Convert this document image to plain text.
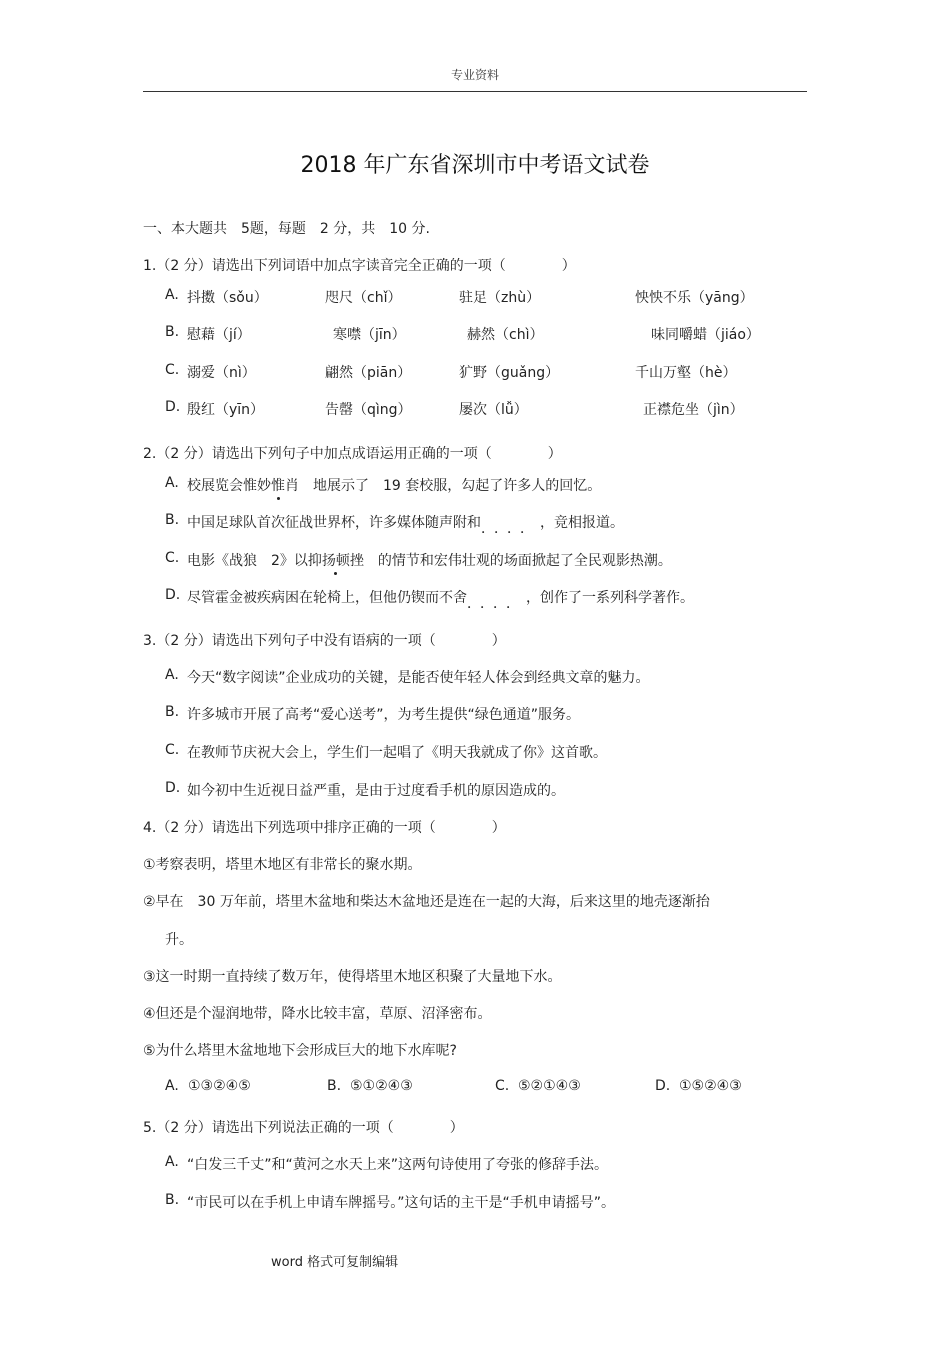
专业资料
2018 年广东省深圳市中考语文试卷
一、本大题共　5题，每题　2 分，共　10 分.
1.（2 分）请选出下列词语中加点字读音完全正确的一项（　　　　）
A. 抖擞（sǒu）	咫尺（chǐ）	驻足（zhù）	怏怏不乐（yāng）
B. 慰藉（jí）	寒噤（jīn）	赫然（chì）	味同嚼蜡（jiáo）
C. 溺爱（nì）	翩然（piān）	犷野（guǎng）	千山万壑（hè）
D. 殷红（yīn）	告罄（qìng）	屡次（lǚ）	正襟危坐（jìn）
2.（2 分）请选出下列句子中加点成语运用正确的一项（　　　　）
A. 校展览会惟妙惟肖　地展示了　19 套校服，勾起了许多人的回忆。
B. 中国足球队首次征战世界杯，许多媒体随声附和．．．．，竞相报道。
C. 电影《战狼　2》以抑扬顿挫　的情节和宏伟壮观的场面掀起了全民观影热潮。
D. 尽管霍金被疾病困在轮椅上，但他仍锲而不舍．．．．，创作了一系列科学著作。
3.（2 分）请选出下列句子中没有语病的一项（　　　　）
A. 今天“数字阅读”企业成功的关键，是能否使年轻人体会到经典文章的魅力。
B. 许多城市开展了高考“爱心送考”，为考生提供“绿色通道”服务。
C. 在教师节庆祝大会上，学生们一起唱了《明天我就成了你》这首歌。
D. 如今初中生近视日益严重，是由于过度看手机的原因造成的。
4.（2 分）请选出下列选项中排序正确的一项（　　　　）
①考察表明，塔里木地区有非常长的聚水期。
②早在　30 万年前，塔里木盆地和柴达木盆地还是连在一起的大海，后来这里的地壳逐渐抬
升。
③这一时期一直持续了数万年，使得塔里木地区积聚了大量地下水。
④但还是个湿润地带，降水比较丰富，草原、沼泽密布。
⑤为什么塔里木盆地地下会形成巨大的地下水库呢?
A. ①③②④⑤	B. ⑤①②④③	C. ⑤②①④③	D. ①⑤②④③
5.（2 分）请选出下列说法正确的一项（　　　　）
A. “白发三千丈”和“黄河之水天上来”这两句诗使用了夸张的修辞手法。
B. “市民可以在手机上申请车牌摇号。”这句话的主干是“手机申请摇号”。
word 格式可复制编辑
